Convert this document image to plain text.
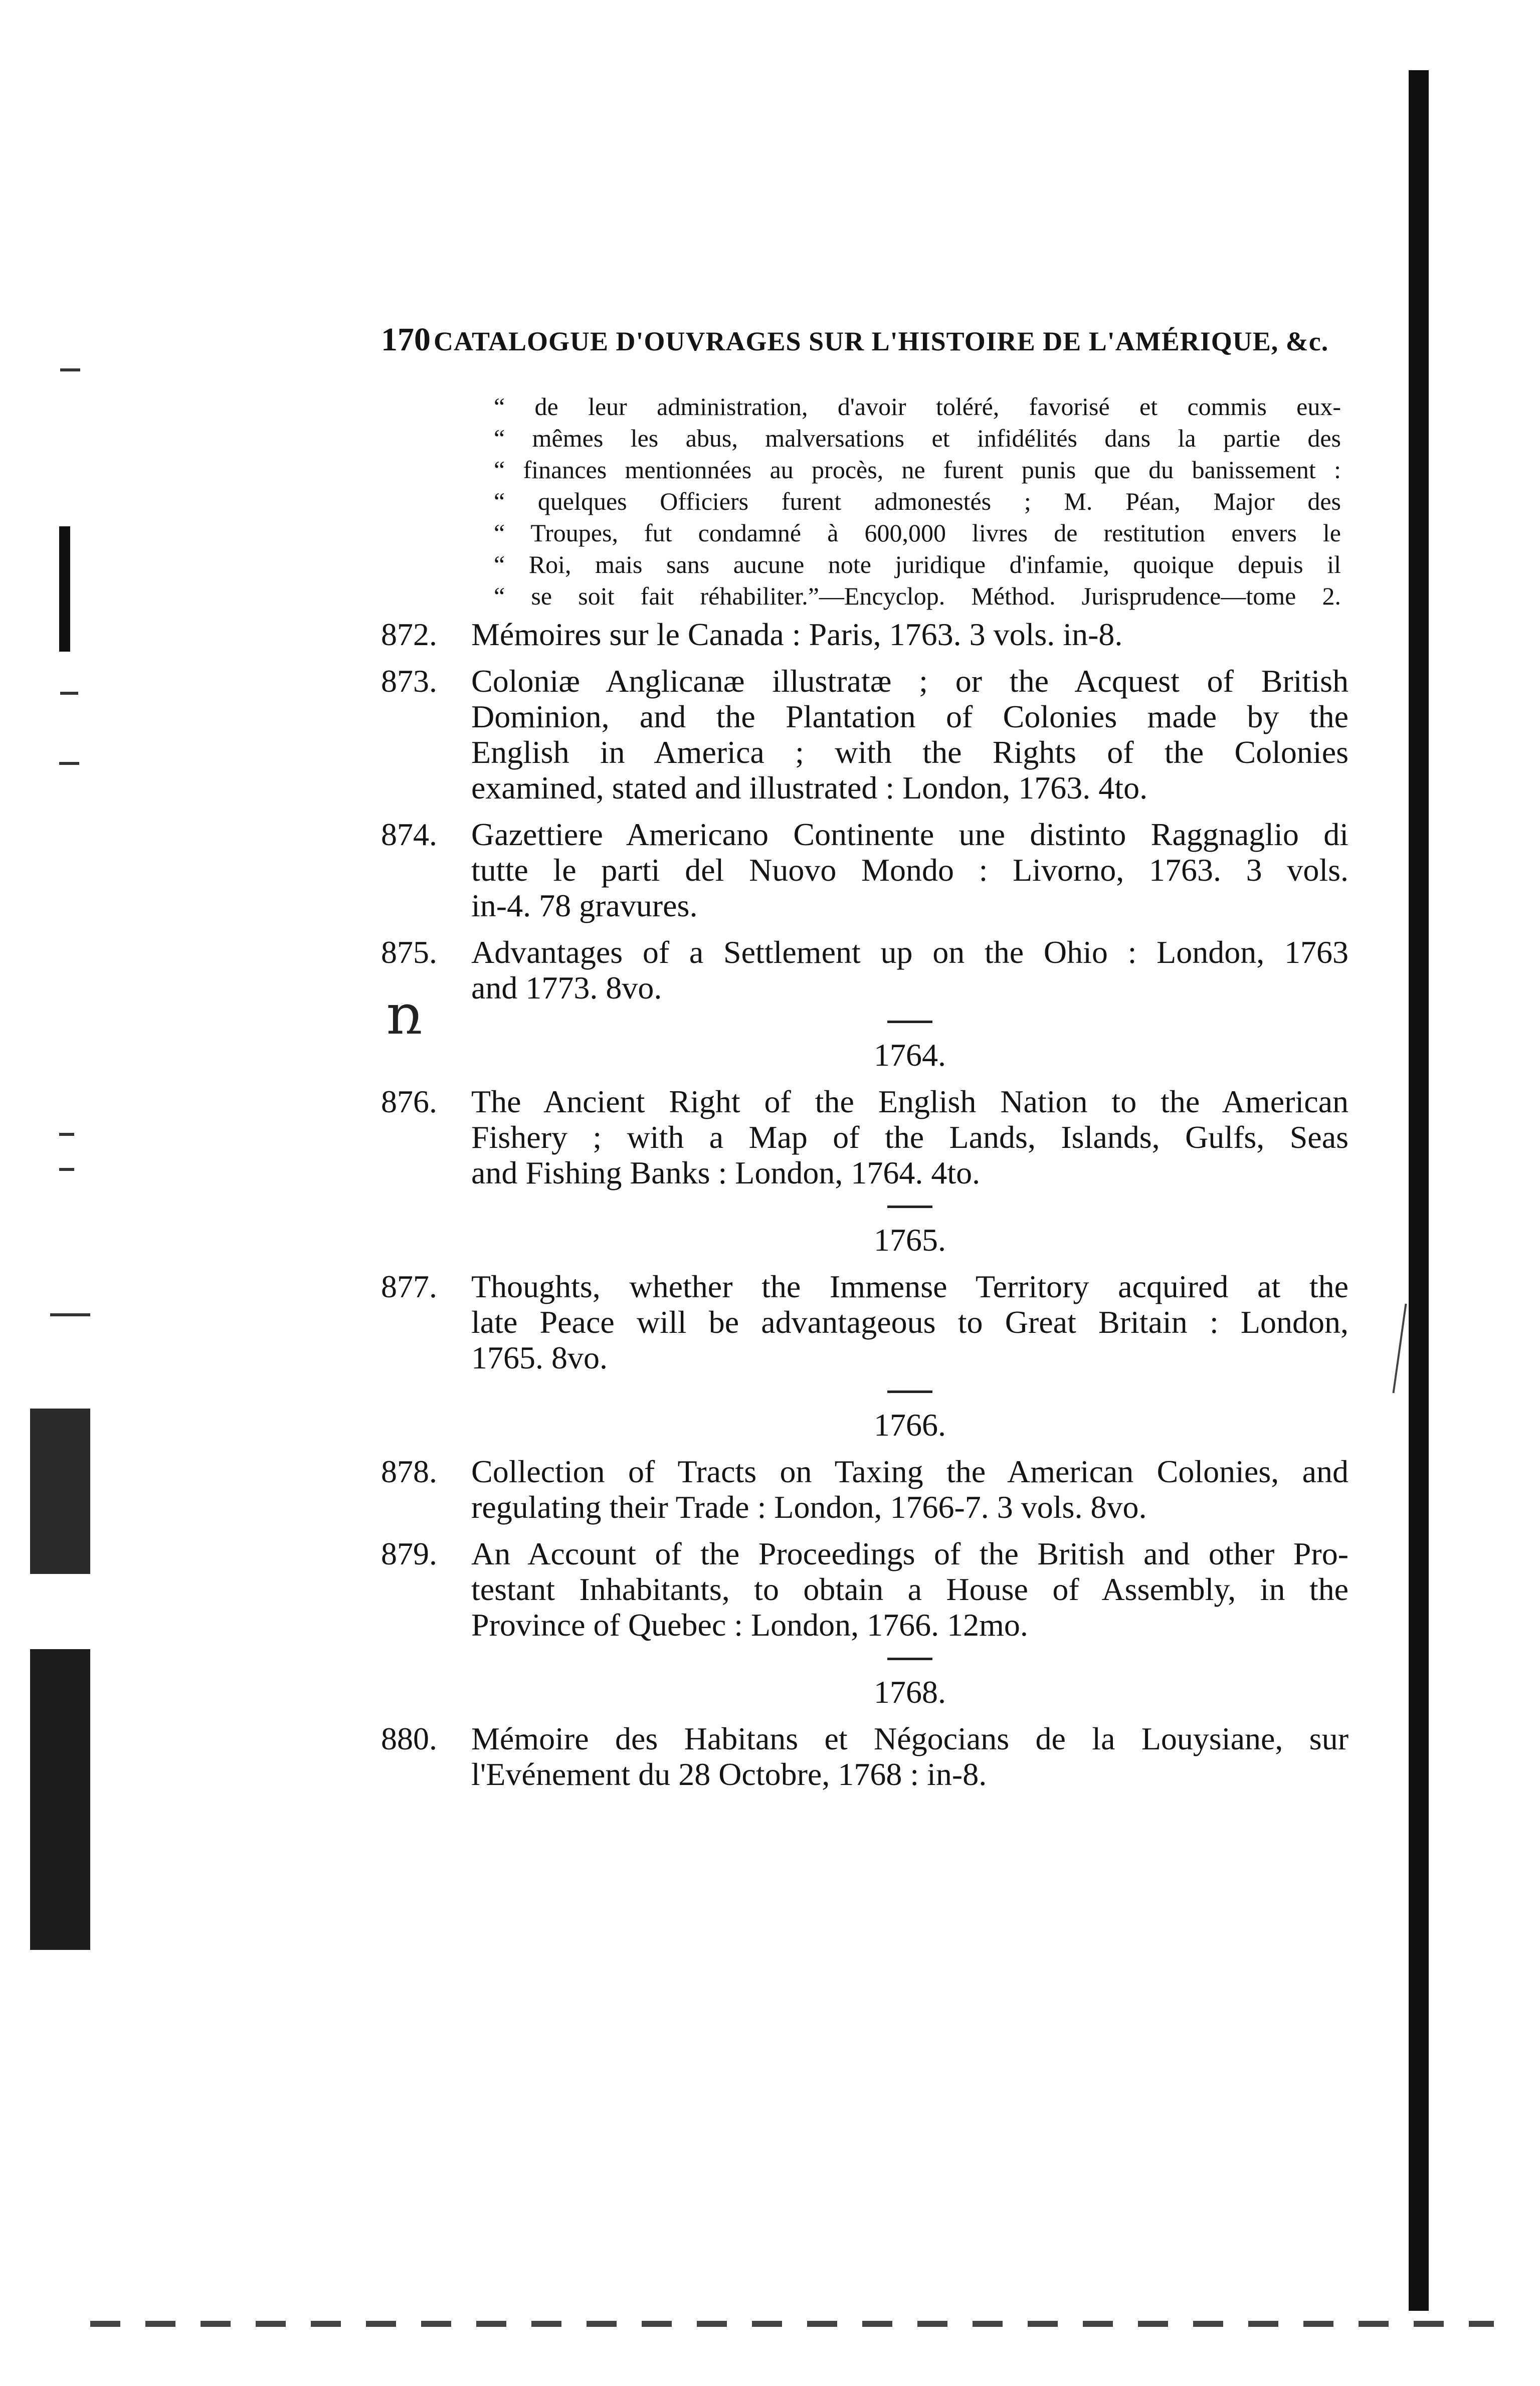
ռ
170 CATALOGUE D'OUVRAGES SUR L'HISTOIRE DE L'AMÉRIQUE, &c.
“ de leur administration, d'avoir toléré, favorisé et commis eux-
“ mêmes les abus, malversations et infidélités dans la partie des
“ finances mentionnées au procès, ne furent punis que du banissement :
“ quelques Officiers furent admonestés ; M. Péan, Major des
“ Troupes, fut condamné à 600,000 livres de restitution envers le
“ Roi, mais sans aucune note juridique d'infamie, quoique depuis il
“ se soit fait réhabiliter.”—Encyclop. Méthod. Jurisprudence—tome 2.
872.	Mémoires sur le Canada : Paris, 1763. 3 vols. in-8.
873.	Coloniæ Anglicanæ illustratæ ; or the Acquest of British
Dominion, and the Plantation of Colonies made by the
English in America ; with the Rights of the Colonies
examined, stated and illustrated : London, 1763. 4to.
874.	Gazettiere Americano Continente une distinto Raggnaglio di
tutte le parti del Nuovo Mondo : Livorno, 1763. 3 vols.
in-4. 78 gravures.
875.	Advantages of a Settlement up on the Ohio : London, 1763
and 1773. 8vo.
1764.
876.	The Ancient Right of the English Nation to the American
Fishery ; with a Map of the Lands, Islands, Gulfs, Seas
and Fishing Banks : London, 1764. 4to.
1765.
877.	Thoughts, whether the Immense Territory acquired at the
late Peace will be advantageous to Great Britain : London,
1765. 8vo.
1766.
878.	Collection of Tracts on Taxing the American Colonies, and
regulating their Trade : London, 1766-7. 3 vols. 8vo.
879.	An Account of the Proceedings of the British and other Pro-
testant Inhabitants, to obtain a House of Assembly, in the
Province of Quebec : London, 1766. 12mo.
1768.
880.	Mémoire des Habitans et Négocians de la Louysiane, sur
l'Evénement du 28 Octobre, 1768 : in-8.
